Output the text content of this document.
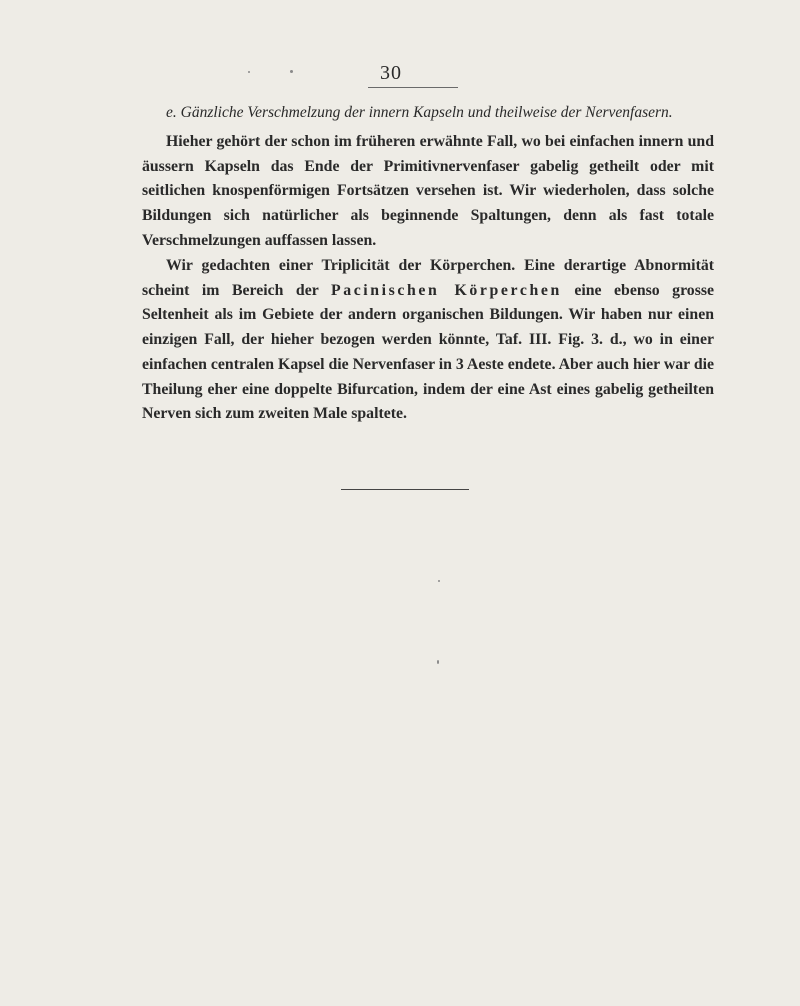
30
e. Gänzliche Verschmelzung der innern Kapseln und theilweise der Nervenfasern.

Hieher gehört der schon im früheren erwähnte Fall, wo bei einfachen innern und äussern Kapseln das Ende der Primitivnervenfaser gabelig getheilt oder mit seitlichen knospenförmigen Fortsätzen versehen ist. Wir wiederholen, dass solche Bildungen sich natürlicher als beginnende Spaltungen, denn als fast totale Verschmelzungen auffassen lassen.

Wir gedachten einer Triplicität der Körperchen. Eine derartige Abnormität scheint im Bereich der Pacinischen Körperchen eine ebenso grosse Seltenheit als im Gebiete der andern organischen Bildungen. Wir haben nur einen einzigen Fall, der hieher bezogen werden könnte, Taf. III. Fig. 3. d., wo in einer einfachen centralen Kapsel die Nervenfaser in 3 Aeste endete. Aber auch hier war die Theilung eher eine doppelte Bifurcation, indem der eine Ast eines gabelig getheilten Nerven sich zum zweiten Male spaltete.
